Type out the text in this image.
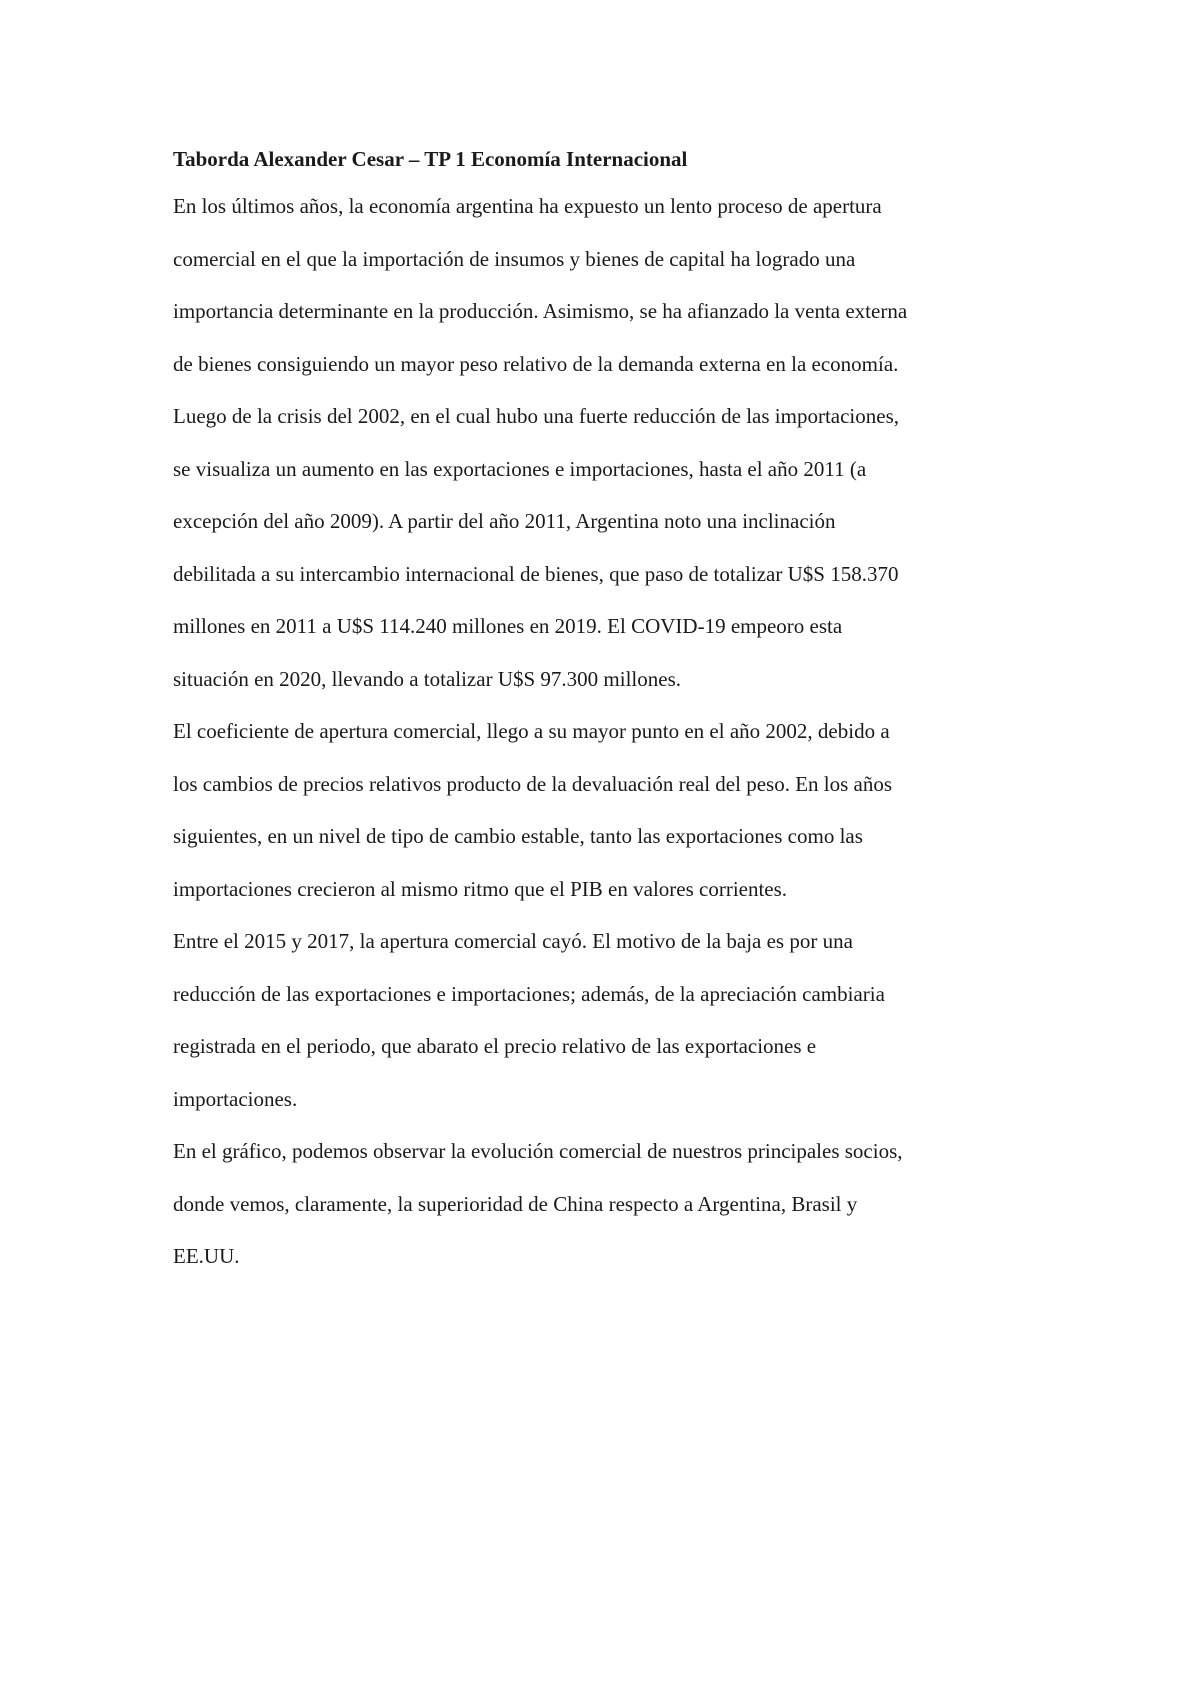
Taborda Alexander Cesar – TP 1 Economía Internacional

En los últimos años, la economía argentina ha expuesto un lento proceso de apertura
comercial en el que la importación de insumos y bienes de capital ha logrado una
importancia determinante en la producción. Asimismo, se ha afianzado la venta externa
de bienes consiguiendo un mayor peso relativo de la demanda externa en la economía.
Luego de la crisis del 2002, en el cual hubo una fuerte reducción de las importaciones,
se visualiza un aumento en las exportaciones e importaciones, hasta el año 2011 (a
excepción del año 2009). A partir del año 2011, Argentina noto una inclinación
debilitada a su intercambio internacional de bienes, que paso de totalizar U$S 158.370
millones en 2011 a U$S 114.240 millones en 2019. El COVID-19 empeoro esta
situación en 2020, llevando a totalizar U$S 97.300 millones.

El coeficiente de apertura comercial, llego a su mayor punto en el año 2002, debido a
los cambios de precios relativos producto de la devaluación real del peso. En los años
siguientes, en un nivel de tipo de cambio estable, tanto las exportaciones como las
importaciones crecieron al mismo ritmo que el PIB en valores corrientes.

Entre el 2015 y 2017, la apertura comercial cayó. El motivo de la baja es por una
reducción de las exportaciones e importaciones; además, de la apreciación cambiaria
registrada en el periodo, que abarato el precio relativo de las exportaciones e
importaciones.

En el gráfico, podemos observar la evolución comercial de nuestros principales socios,
donde vemos, claramente, la superioridad de China respecto a Argentina, Brasil y
EE.UU.
